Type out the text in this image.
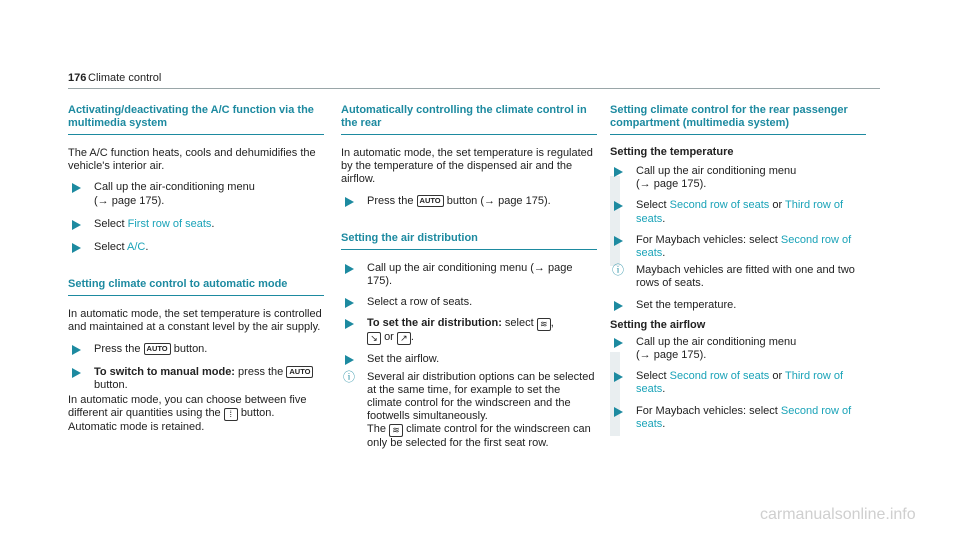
176 Climate control
Activating/deactivating the A/C function via the multimedia system

The A/C function heats, cools and dehumidifies the vehicle's interior air.

Call up the air-conditioning menu
(→ page 175).
Select First row of seats.
Select A/C.
Setting climate control to automatic mode

In automatic mode, the set temperature is controlled and maintained at a constant level by the air supply.

Press the AUTO button.
To switch to manual mode: press the AUTO
button.

In automatic mode, you can choose between five different air quantities using the ⁞ button.
Automatic mode is retained.

Automatically controlling the climate control in the rear

In automatic mode, the set temperature is regulated by the temperature of the dispensed air and the airflow.

Press the AUTO button (→ page 175).
Setting the air distribution
Call up the air conditioning menu (→ page 175).
Select a row of seats.
To set the air distribution: select ≋ ,
↘ or ↗ .
Set the airflow.
ⓘ Several air distribution options can be selected at the same time, for example to set the climate control for the windscreen and the footwells simultaneously.
The ≋ climate control for the windscreen can only be selected for the first seat row.
Setting climate control for the rear passenger compartment (multimedia system)
Setting the temperature
Call up the air conditioning menu
(→ page 175).
Select Second row of seats or Third row of seats.
For Maybach vehicles: select Second row of seats.
ⓘ Maybach vehicles are fitted with one and two rows of seats.
Set the temperature.
Setting the airflow
Call up the air conditioning menu
(→ page 175).
Select Second row of seats or Third row of seats.
For Maybach vehicles: select Second row of seats.
carmanualsonline.info
